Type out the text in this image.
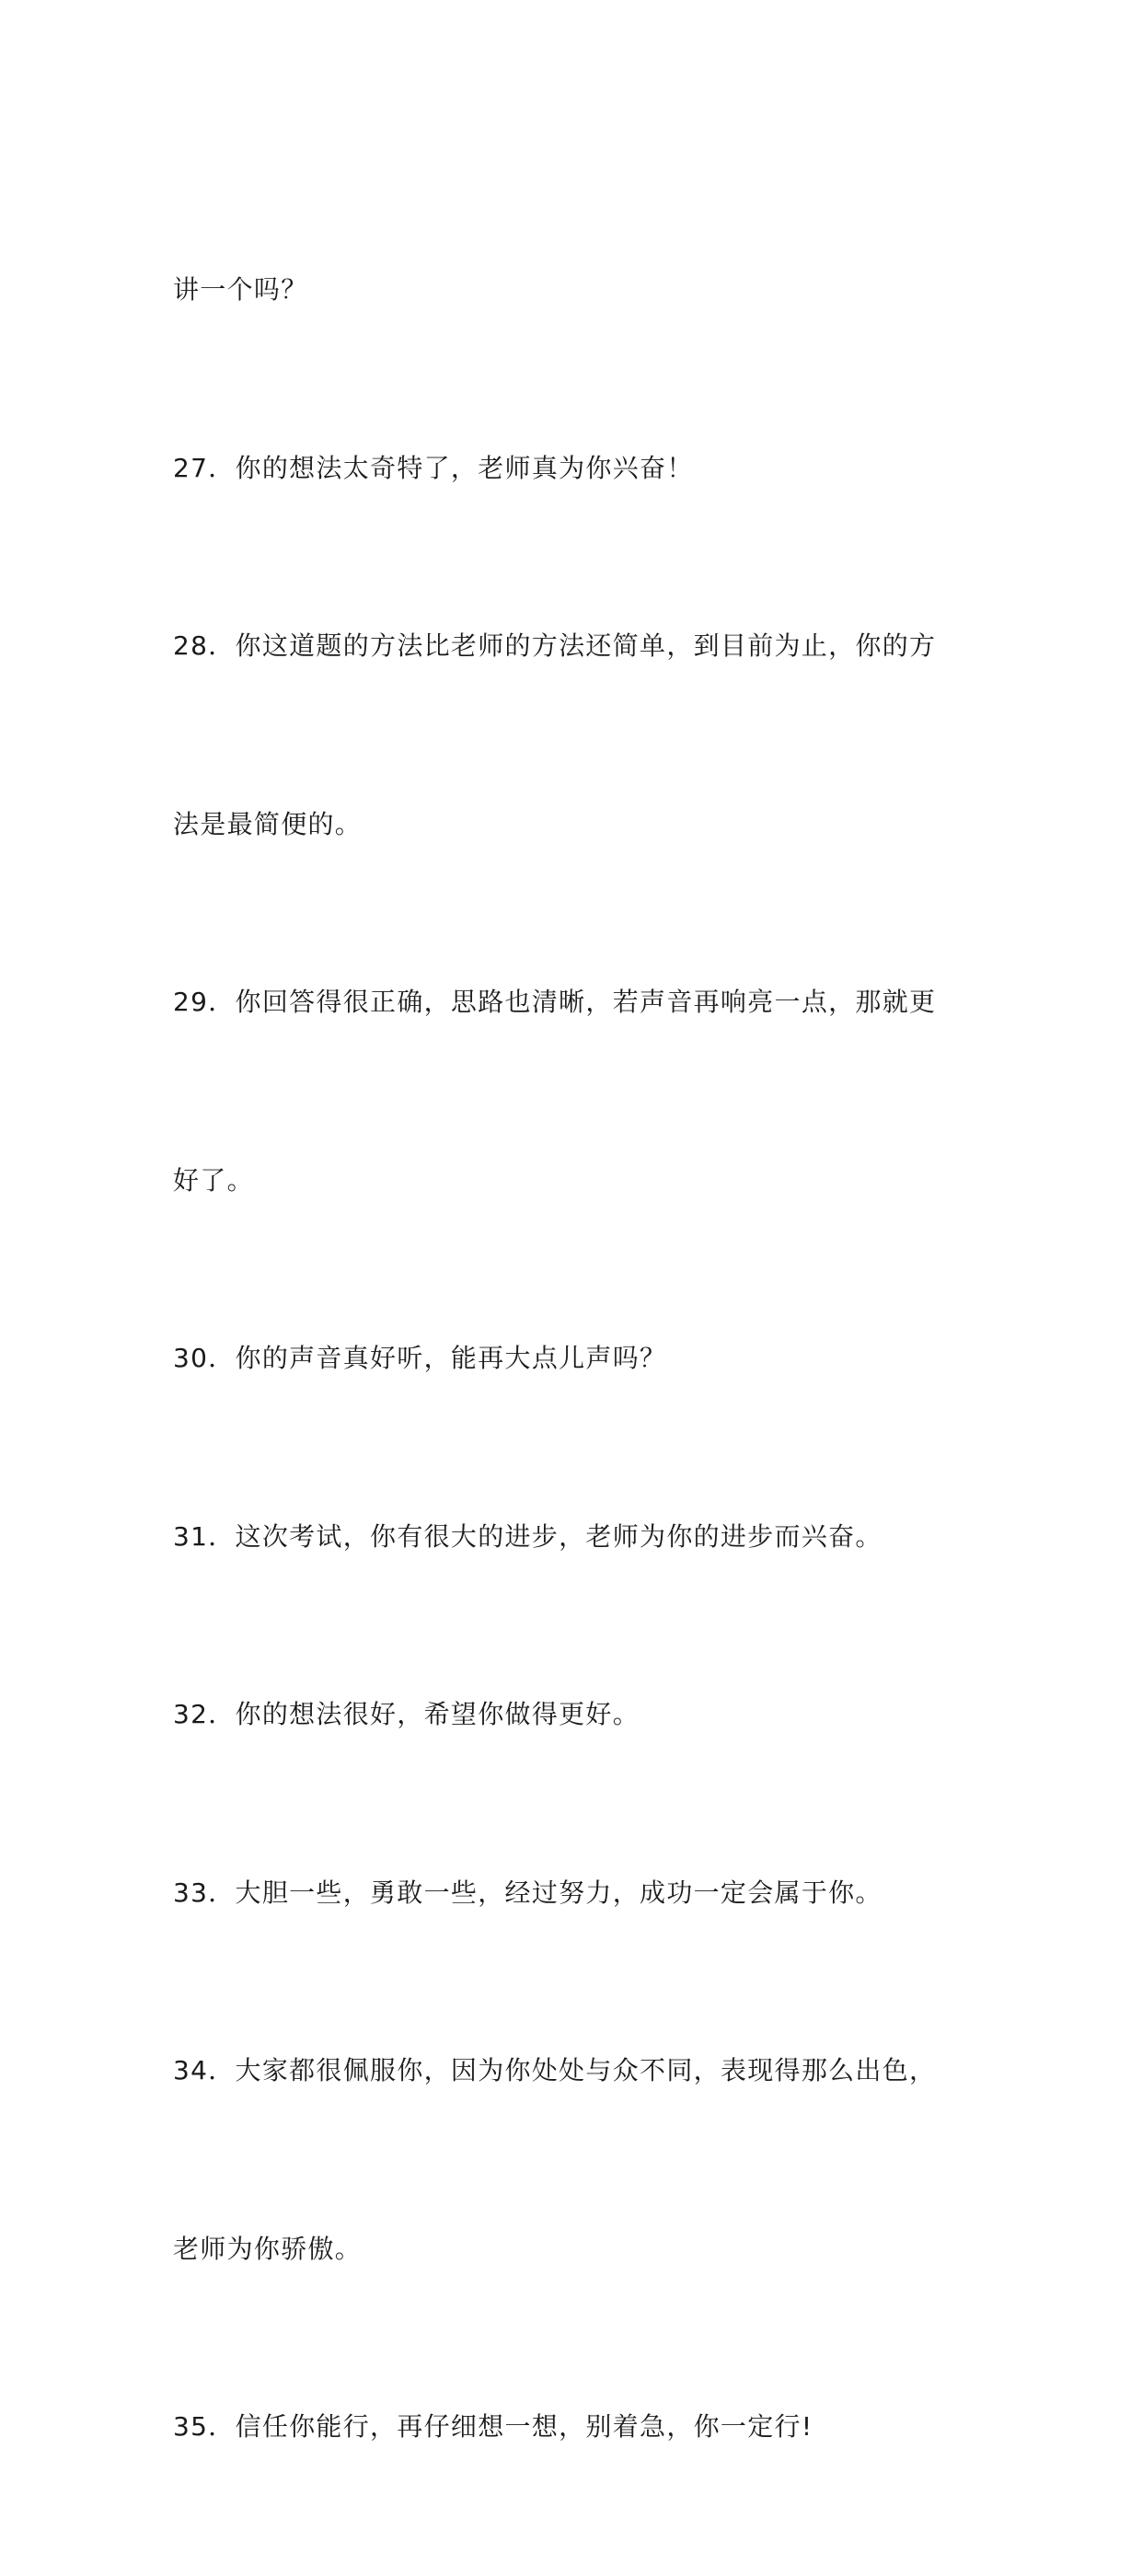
讲一个吗？

27．你的想法太奇特了，老师真为你兴奋！

28．你这道题的方法比老师的方法还简单，到目前为止，你的方

法是最简便的。

29．你回答得很正确，思路也清晰，若声音再响亮一点，那就更

好了。

30．你的声音真好听，能再大点儿声吗？

31．这次考试，你有很大的进步，老师为你的进步而兴奋。

32．你的想法很好，希望你做得更好。

33．大胆一些，勇敢一些，经过努力，成功一定会属于你。

34．大家都很佩服你，因为你处处与众不同，表现得那么出色，

老师为你骄傲。

35．信任你能行，再仔细想一想，别着急，你一定行!
